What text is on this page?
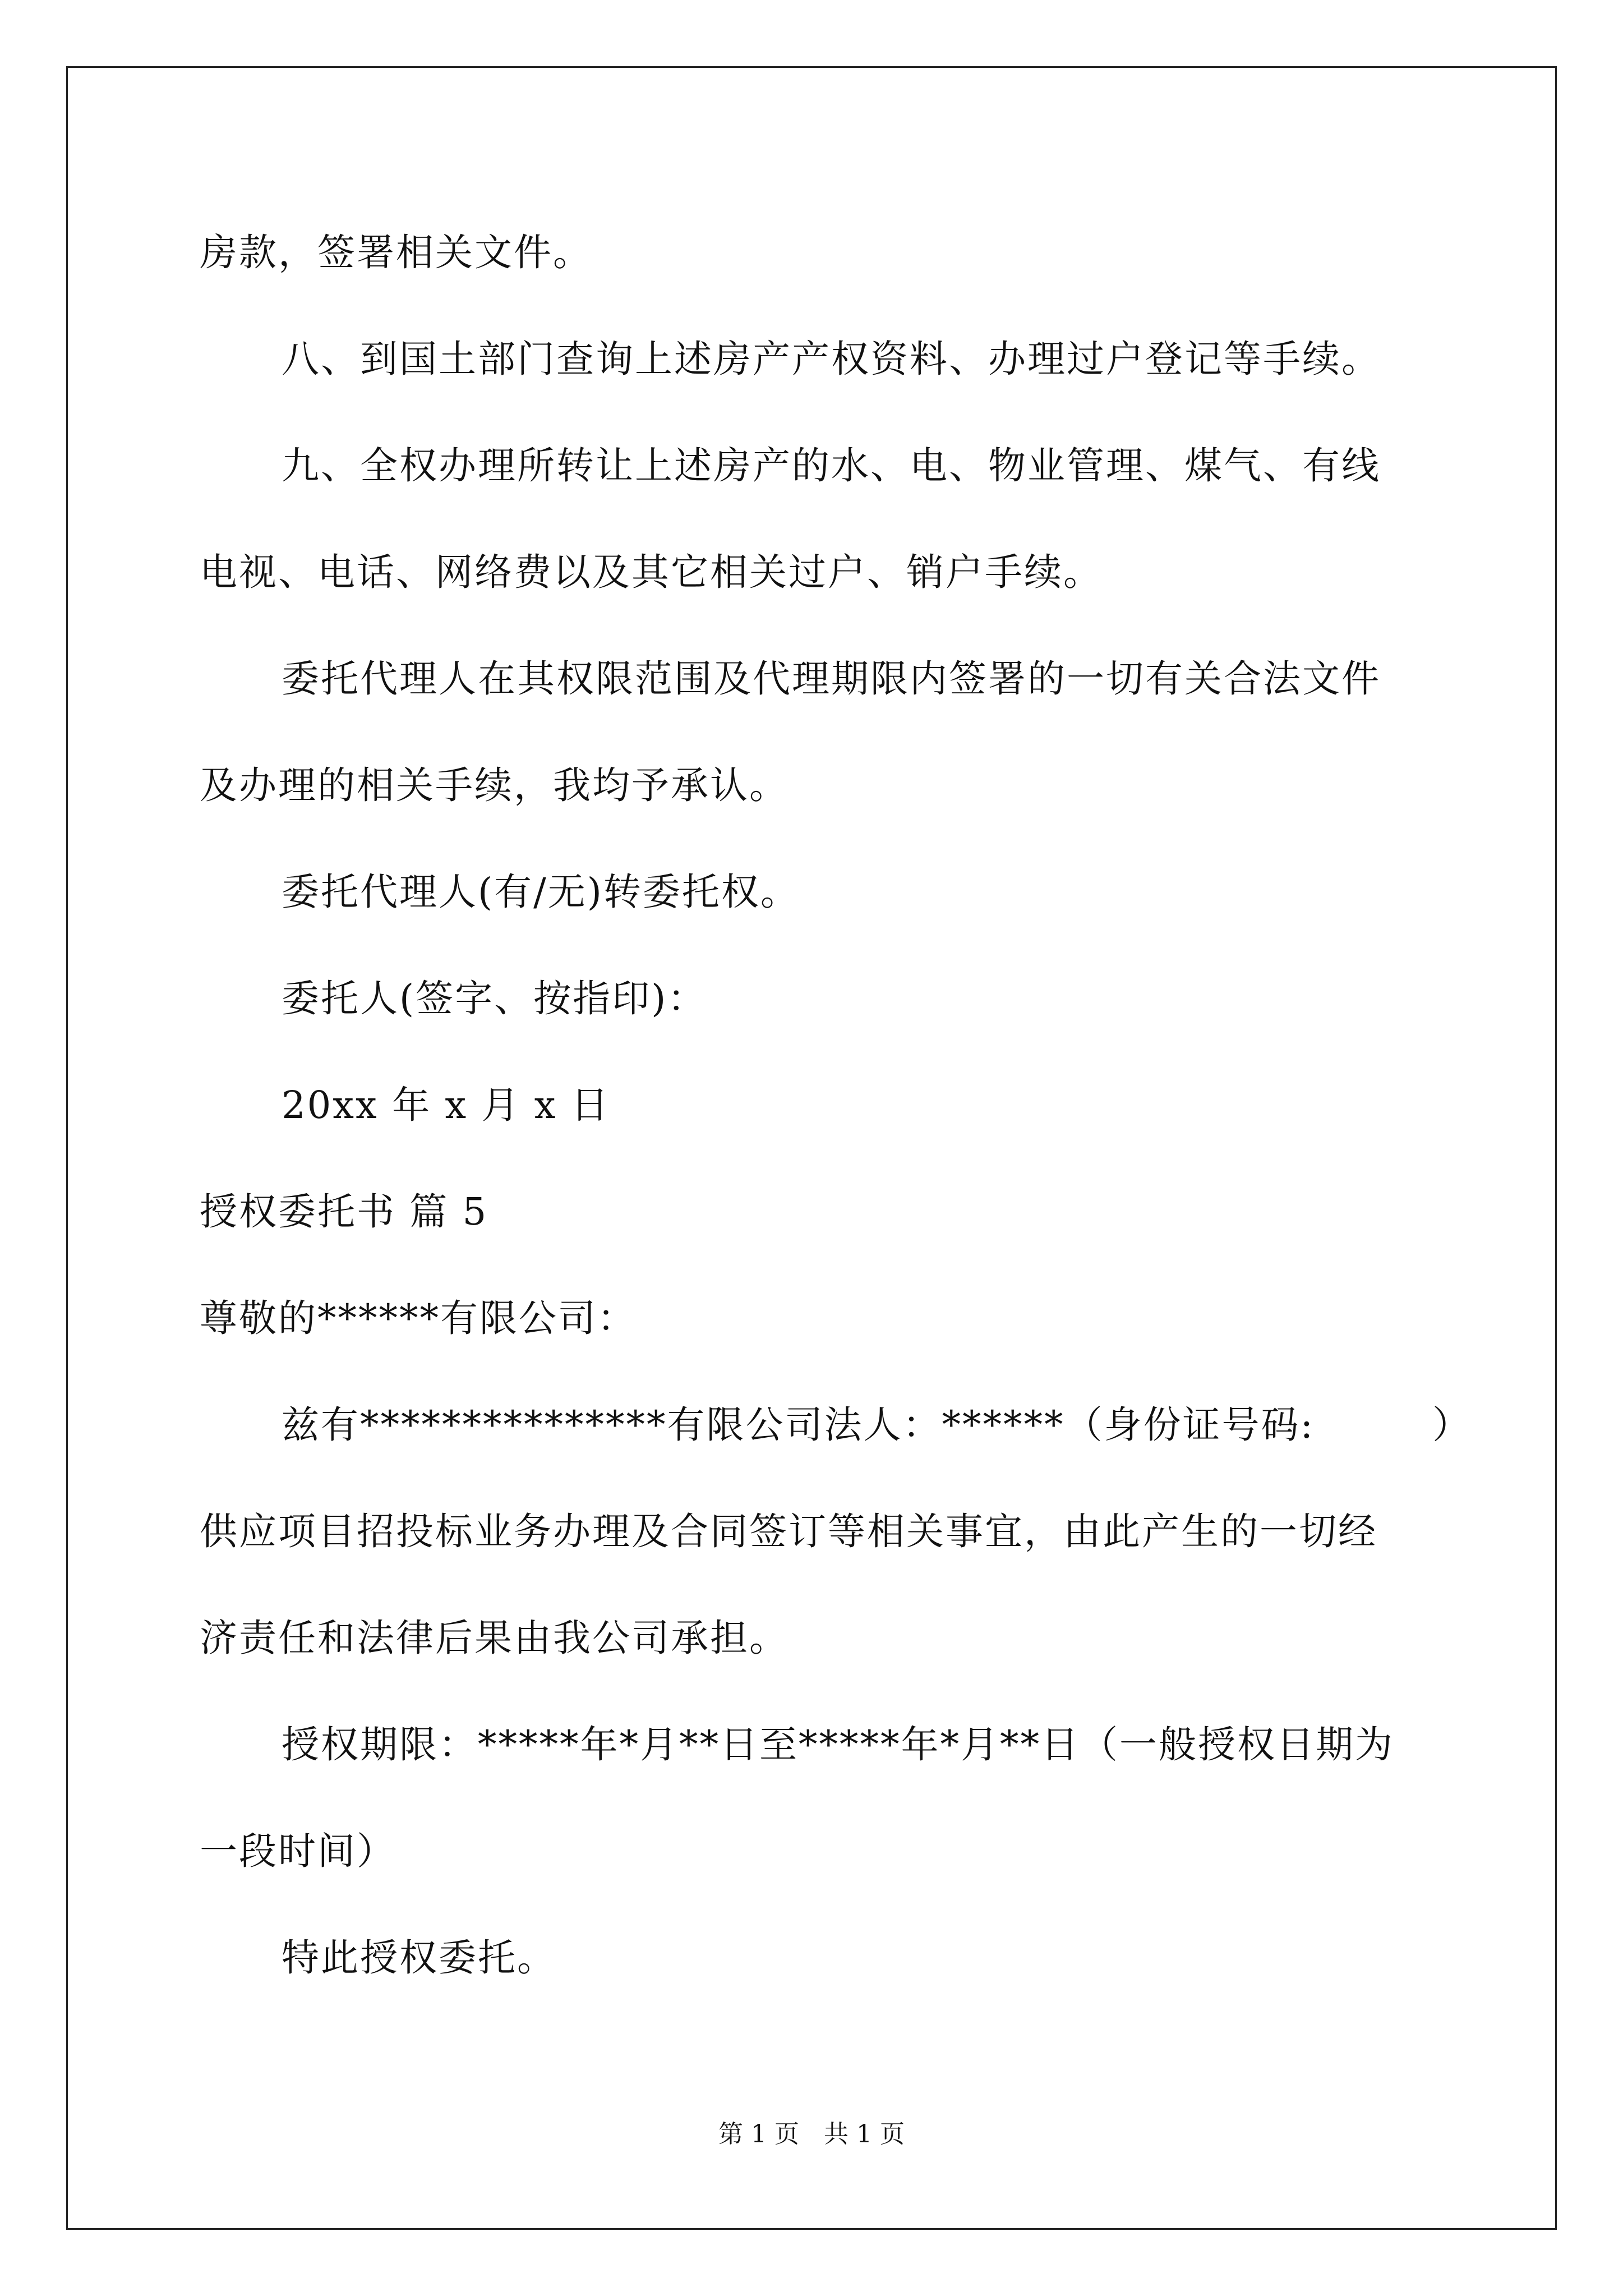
房款，签署相关文件。
八、到国土部门查询上述房产产权资料、办理过户登记等手续。
九、全权办理所转让上述房产的水、电、物业管理、煤气、有线
电视、电话、网络费以及其它相关过户、销户手续。
委托代理人在其权限范围及代理期限内签署的一切有关合法文件
及办理的相关手续，我均予承认。
委托代理人(有/无)转委托权。
委托人(签字、按指印)：
20xx 年 x 月 x 日
授权委托书 篇 5
尊敬的******有限公司：
兹有***************有限公司法人：******（身份证号码:　　　）
供应项目招投标业务办理及合同签订等相关事宜，由此产生的一切经
济责任和法律后果由我公司承担。
授权期限：*****年*月**日至*****年*月**日（一般授权日期为
一段时间）
特此授权委托。
第 1 页　共 1 页
